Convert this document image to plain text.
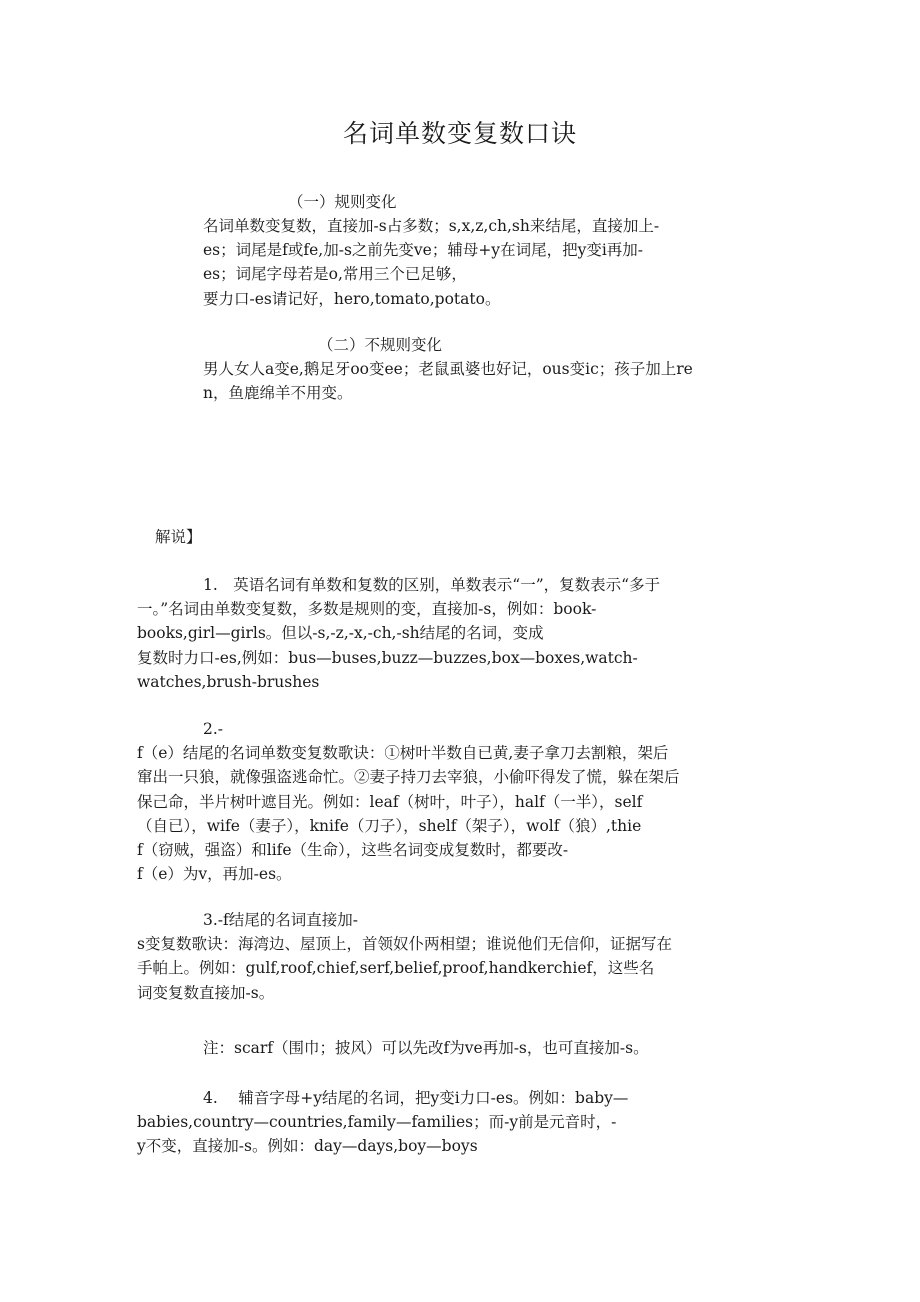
名词单数变复数口诀
（一）规则变化
名词单数变复数，直接加-s占多数；s,x,z,ch,sh来结尾，直接加上-
es；词尾是f或fe,加-s之前先变ve；辅母+y在词尾，把y变i再加-
es；词尾字母若是o,常用三个已足够，
要力口-es请记好，hero,tomato,potato。
（二）不规则变化
男人女人a变e,鹅足牙oo变ee；老鼠虱婆也好记，ous变ic；孩子加上re
n，鱼鹿绵羊不用变。
解说】
1.　英语名词有单数和复数的区别，单数表示“一”，复数表示“多于
一。”名词由单数变复数，多数是规则的变，直接加-s，例如：book-
books,girl—girls。但以-s,-z,-x,-ch,-sh结尾的名词，变成
复数时力口-es,例如：bus—buses,buzz—buzzes,box—boxes,watch-
watches,brush-brushes
2.-
f（e）结尾的名词单数变复数歌诀：①树叶半数自已黄,妻子拿刀去割粮，架后
窜出一只狼，就像强盗逃命忙。②妻子持刀去宰狼，小偷吓得发了慌，躲在架后
保己命，半片树叶遮目光。例如：leaf（树叶，叶子），half（一半），self
（自已），wife（妻子），knife（刀子），shelf（架子），wolf（狼）,thie
f（窃贼，强盗）和life（生命），这些名词变成复数时，都要改-
f（e）为v，再加-es。
3.-f结尾的名词直接加-
s变复数歌诀：海湾边、屋顶上，首领奴仆两相望；谁说他们无信仰，证据写在
手帕上。例如：gulf,roof,chief,serf,belief,proof,handkerchief，这些名
词变复数直接加-s。
注：scarf（围巾；披风）可以先改f为ve再加-s，也可直接加-s。
4.　 辅音字母+y结尾的名词，把y变i力口-es。例如：baby—
babies,country—countries,family—families；而-y前是元音时，-
y不变，直接加-s。例如：day—days,boy—boys
